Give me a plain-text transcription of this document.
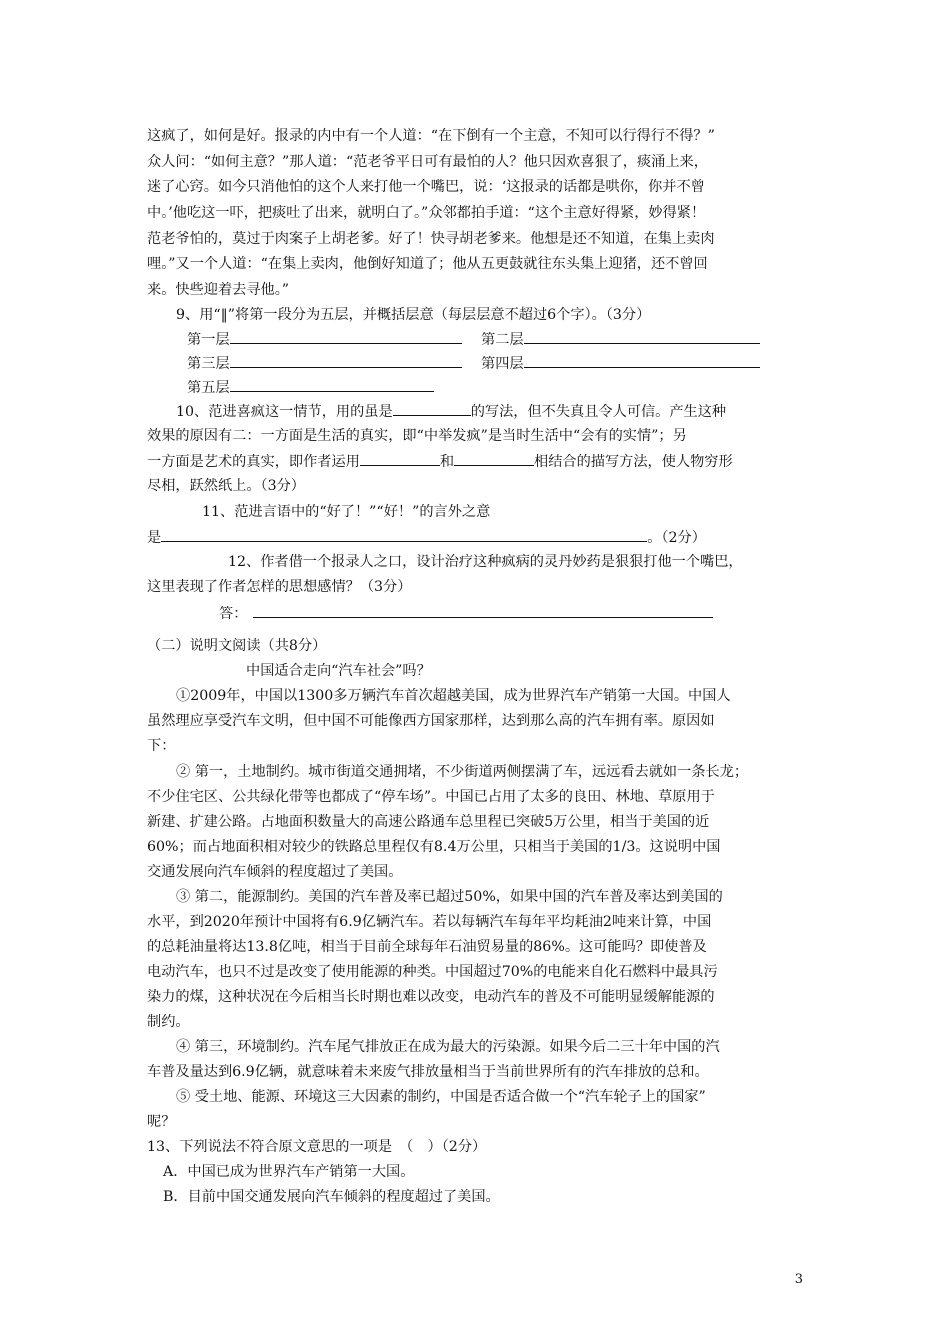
这疯了，如何是好。报录的内中有一个人道：“在下倒有一个主意，不知可以行得行不得？”
众人问：“如何主意？”那人道：“范老爷平日可有最怕的人？他只因欢喜狠了，痰涌上来，
迷了心窍。如今只消他怕的这个人来打他一个嘴巴，说：‘这报录的话都是哄你，你并不曾
中。’他吃这一吓，把痰吐了出来，就明白了。”众邻都拍手道：“这个主意好得紧，妙得紧！
范老爷怕的，莫过于肉案子上胡老爹。好了！快寻胡老爹来。他想是还不知道，在集上卖肉
哩。”又一个人道：“在集上卖肉，他倒好知道了；他从五更鼓就往东头集上迎猪，还不曾回
来。快些迎着去寻他。”
9、用“‖”将第一段分为五层，并概括层意（每层层意不超过6个字）。（3分）
第一层	第二层
第三层	第四层
第五层
10、范进喜疯这一情节，用的虽是	的写法，但不失真且令人可信。产生这种
效果的原因有二：一方面是生活的真实，即“中举发疯”是当时生活中“会有的实情”；另
一方面是艺术的真实，即作者运用	和	相结合的描写方法，使人物穷形
尽相，跃然纸上。（3分）
11、范进言语中的“好了！”“好！”的言外之意
是	。（2分）
12、作者借一个报录人之口，设计治疗这种疯病的灵丹妙药是狠狠打他一个嘴巴，
这里表现了作者怎样的思想感情？（3分）
答：
（二）说明文阅读（共8分）
中国适合走向“汽车社会”吗？
①2009年，中国以1300多万辆汽车首次超越美国，成为世界汽车产销第一大国。中国人
虽然理应享受汽车文明，但中国不可能像西方国家那样，达到那么高的汽车拥有率。原因如
下：
② 第一，土地制约。城市街道交通拥堵，不少街道两侧摆满了车，远远看去就如一条长龙；
不少住宅区、公共绿化带等也都成了“停车场”。中国已占用了太多的良田、林地、草原用于
新建、扩建公路。占地面积数量大的高速公路通车总里程已突破5万公里，相当于美国的近
60%；而占地面积相对较少的铁路总里程仅有8.4万公里，只相当于美国的1/3。这说明中国
交通发展向汽车倾斜的程度超过了美国。
③ 第二，能源制约。美国的汽车普及率已超过50%，如果中国的汽车普及率达到美国的
水平，到2020年预计中国将有6.9亿辆汽车。若以每辆汽车每年平均耗油2吨来计算，中国
的总耗油量将达13.8亿吨，相当于目前全球每年石油贸易量的86%。这可能吗？即使普及
电动汽车，也只不过是改变了使用能源的种类。中国超过70%的电能来自化石燃料中最具污
染力的煤，这种状况在今后相当长时期也难以改变，电动汽车的普及不可能明显缓解能源的
制约。
④ 第三，环境制约。汽车尾气排放正在成为最大的污染源。如果今后二三十年中国的汽
车普及量达到6.9亿辆，就意味着未来废气排放量相当于当前世界所有的汽车排放的总和。
⑤ 受土地、能源、环境这三大因素的制约，中国是否适合做一个“汽车轮子上的国家”
呢？
13、下列说法不符合原文意思的一项是　（　）（2分）
A．中国已成为世界汽车产销第一大国。
B．目前中国交通发展向汽车倾斜的程度超过了美国。
3
